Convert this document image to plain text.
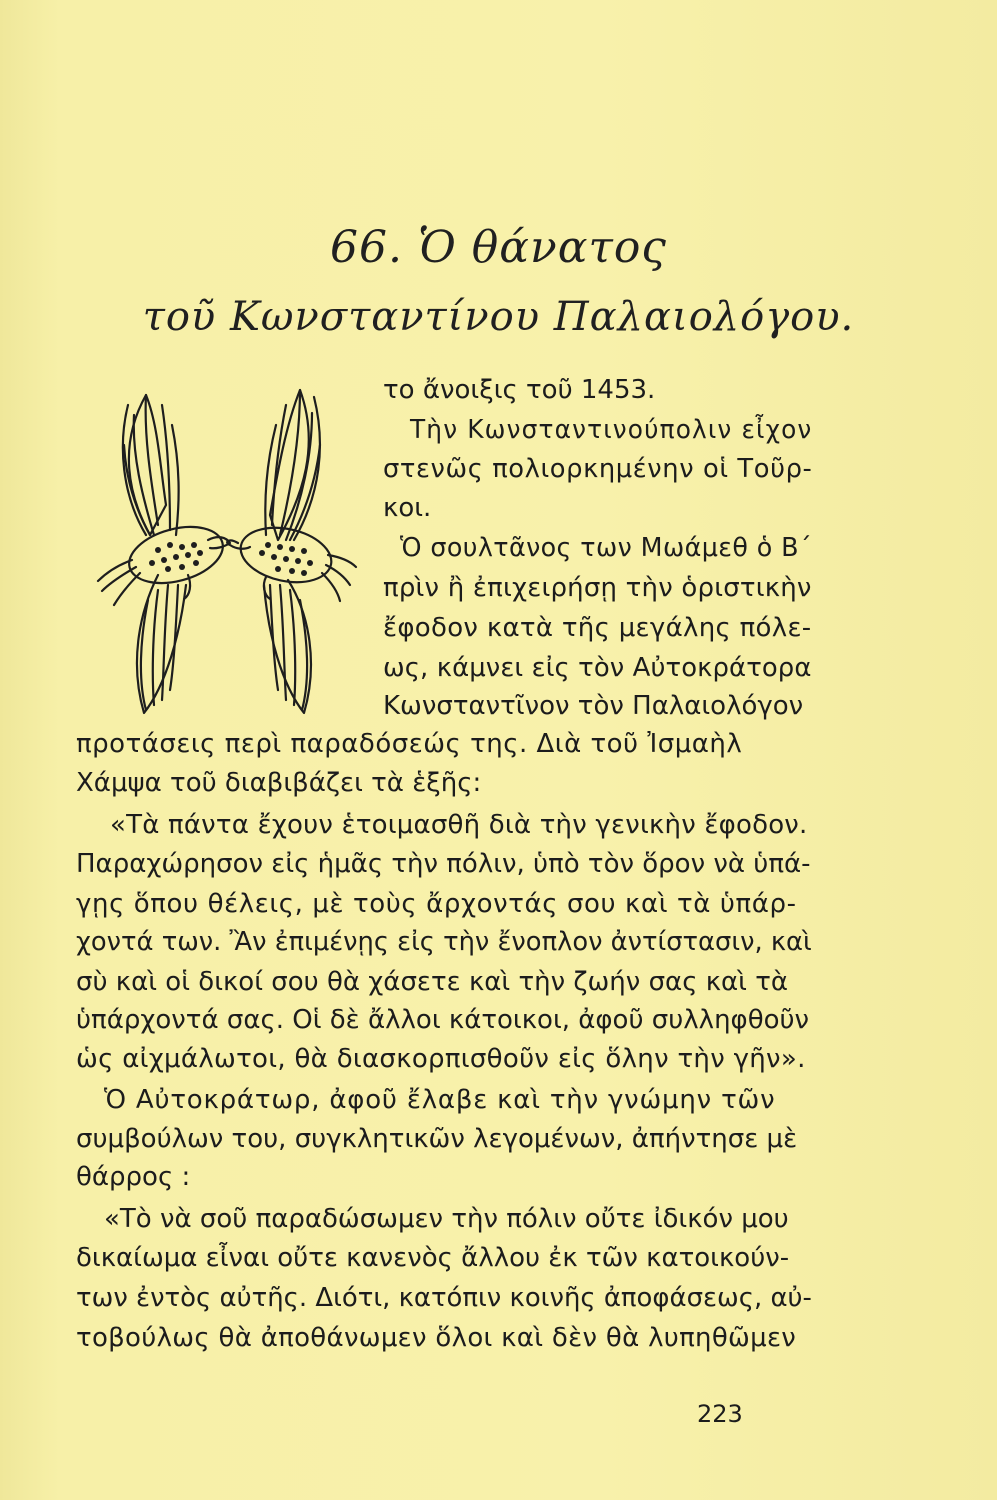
66. Ὁ θάνατος
τοῦ Κωνσταντίνου Παλαιολόγου.
το ἄνοιξις τοῦ 1453.
Τὴν Κωνσταντινούπολιν εἶχον
στενῶς πολιορκημένην οἱ Τοῦρ-
κοι.
Ὁ σουλτᾶνος των Μωάμεθ ὁ Β΄
πρὶν ἢ ἐπιχειρήσῃ τὴν ὁριστικὴν
ἔφοδον κατὰ τῆς μεγάλης πόλε-
ως, κάμνει εἰς τὸν Αὐτοκράτορα
Κωνσταντῖνον τὸν Παλαιολόγον
προτάσεις περὶ παραδόσεώς της. Διὰ τοῦ Ἰσμαὴλ
Χάμψα τοῦ διαβιβάζει τὰ ἑξῆς:
«Τὰ πάντα ἔχουν ἑτοιμασθῆ διὰ τὴν γενικὴν ἔφοδον.
Παραχώρησον εἰς ἡμᾶς τὴν πόλιν, ὑπὸ τὸν ὅρον νὰ ὑπά-
γῃς ὅπου θέλεις, μὲ τοὺς ἄρχοντάς σου καὶ τὰ ὑπάρ-
χοντά των. Ἂν ἐπιμένῃς εἰς τὴν ἔνοπλον ἀντίστασιν, καὶ
σὺ καὶ οἱ δικοί σου θὰ χάσετε καὶ τὴν ζωήν σας καὶ τὰ
ὑπάρχοντά σας. Οἱ δὲ ἄλλοι κάτοικοι, ἀφοῦ συλληφθοῦν
ὡς αἰχμάλωτοι, θὰ διασκορπισθοῦν εἰς ὅλην τὴν γῆν».
Ὁ Αὐτοκράτωρ, ἀφοῦ ἔλαβε καὶ τὴν γνώμην τῶν
συμβούλων του, συγκλητικῶν λεγομένων, ἀπήντησε μὲ
θάρρος :
«Τὸ νὰ σοῦ παραδώσωμεν τὴν πόλιν οὔτε ἰδικόν μου
δικαίωμα εἶναι οὔτε κανενὸς ἄλλου ἐκ τῶν κατοικούν-
των ἐντὸς αὐτῆς. Διότι, κατόπιν κοινῆς ἀποφάσεως, αὐ-
τοβούλως θὰ ἀποθάνωμεν ὅλοι καὶ δὲν θὰ λυπηθῶμεν
223
